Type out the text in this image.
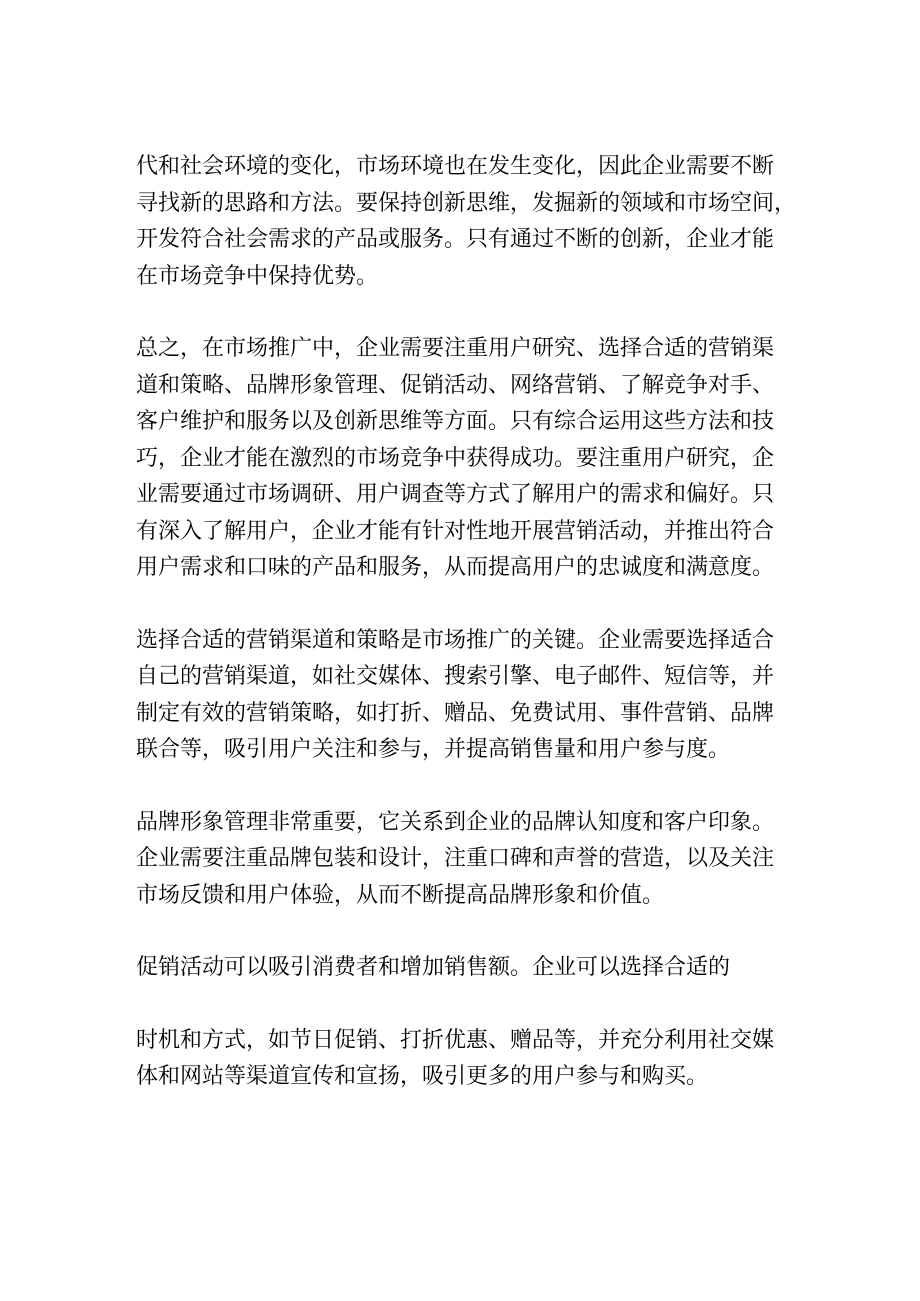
代和社会环境的变化，市场环境也在发生变化，因此企业需要不断
寻找新的思路和方法。要保持创新思维，发掘新的领域和市场空间，
开发符合社会需求的产品或服务。只有通过不断的创新，企业才能
在市场竞争中保持优势。

总之，在市场推广中，企业需要注重用户研究、选择合适的营销渠
道和策略、品牌形象管理、促销活动、网络营销、了解竞争对手、
客户维护和服务以及创新思维等方面。只有综合运用这些方法和技
巧，企业才能在激烈的市场竞争中获得成功。要注重用户研究，企
业需要通过市场调研、用户调查等方式了解用户的需求和偏好。只
有深入了解用户，企业才能有针对性地开展营销活动，并推出符合
用户需求和口味的产品和服务，从而提高用户的忠诚度和满意度。

选择合适的营销渠道和策略是市场推广的关键。企业需要选择适合
自己的营销渠道，如社交媒体、搜索引擎、电子邮件、短信等，并
制定有效的营销策略，如打折、赠品、免费试用、事件营销、品牌
联合等，吸引用户关注和参与，并提高销售量和用户参与度。

品牌形象管理非常重要，它关系到企业的品牌认知度和客户印象。
企业需要注重品牌包装和设计，注重口碑和声誉的营造，以及关注
市场反馈和用户体验，从而不断提高品牌形象和价值。

促销活动可以吸引消费者和增加销售额。企业可以选择合适的

时机和方式，如节日促销、打折优惠、赠品等，并充分利用社交媒
体和网站等渠道宣传和宣扬，吸引更多的用户参与和购买。
